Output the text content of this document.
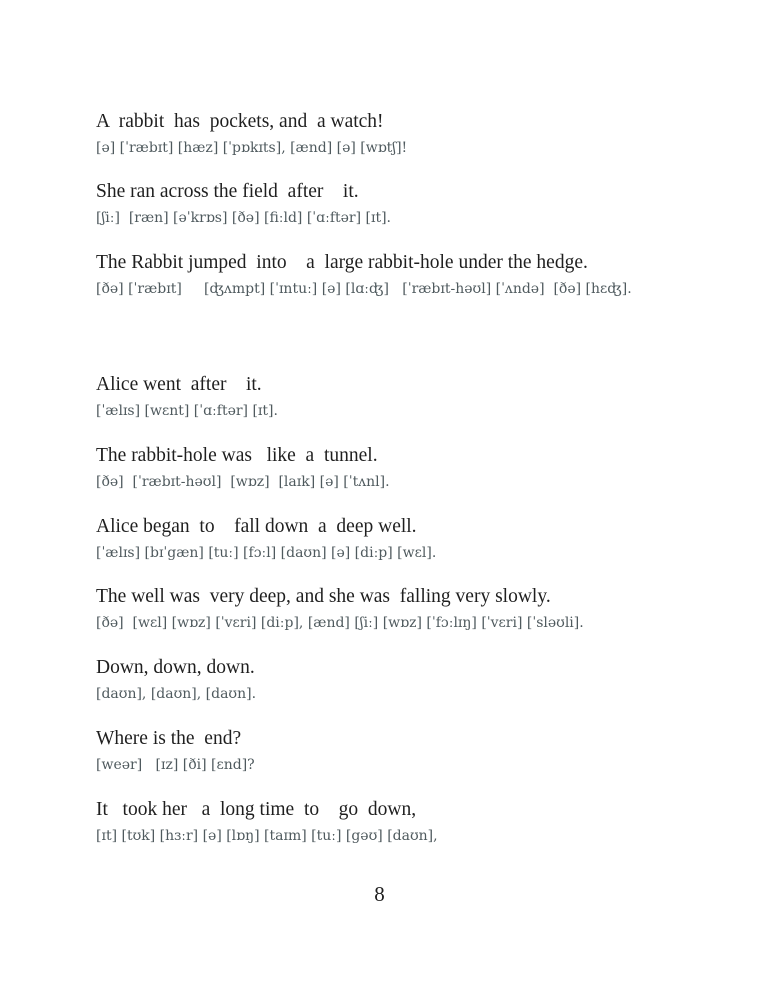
A  rabbit  has  pockets, and  a watch!
[ə] [ˈræbɪt] [hæz] [ˈpɒkɪts], [ænd] [ə] [wɒtʃ]!
She ran across the field  after    it.
[ʃiː]  [ræn] [əˈkrɒs] [ðə] [fiːld] [ˈɑːftər] [ɪt].
The Rabbit jumped  into    a  large rabbit-hole under the hedge.
[ðə] [ˈræbɪt]     [ʤʌmpt] [ˈɪntuː] [ə] [lɑːʤ]   [ˈræbɪt-həʊl] [ˈʌndə]  [ðə] [hɛʤ].
Alice went  after    it.
[ˈælɪs] [wɛnt] [ˈɑːftər] [ɪt].
The rabbit-hole was   like  a  tunnel.
[ðə]  [ˈræbɪt-həʊl]  [wɒz]  [laɪk] [ə] [ˈtʌnl].
Alice began  to    fall down  a  deep well.
[ˈælɪs] [bɪˈgæn] [tuː] [fɔːl] [daʊn] [ə] [diːp] [wɛl].
The well was  very deep, and she was  falling very slowly.
[ðə]  [wɛl] [wɒz] [ˈvɛri] [diːp], [ænd] [ʃiː] [wɒz] [ˈfɔːlɪŋ] [ˈvɛri] [ˈsləʊli].
Down, down, down.
[daʊn], [daʊn], [daʊn].
Where is the  end?
[weər]   [ɪz] [ði] [ɛnd]?
It   took her   a  long time  to    go  down,
[ɪt] [tʊk] [hɜːr] [ə] [lɒŋ] [taɪm] [tuː] [gəʊ] [daʊn],
8
